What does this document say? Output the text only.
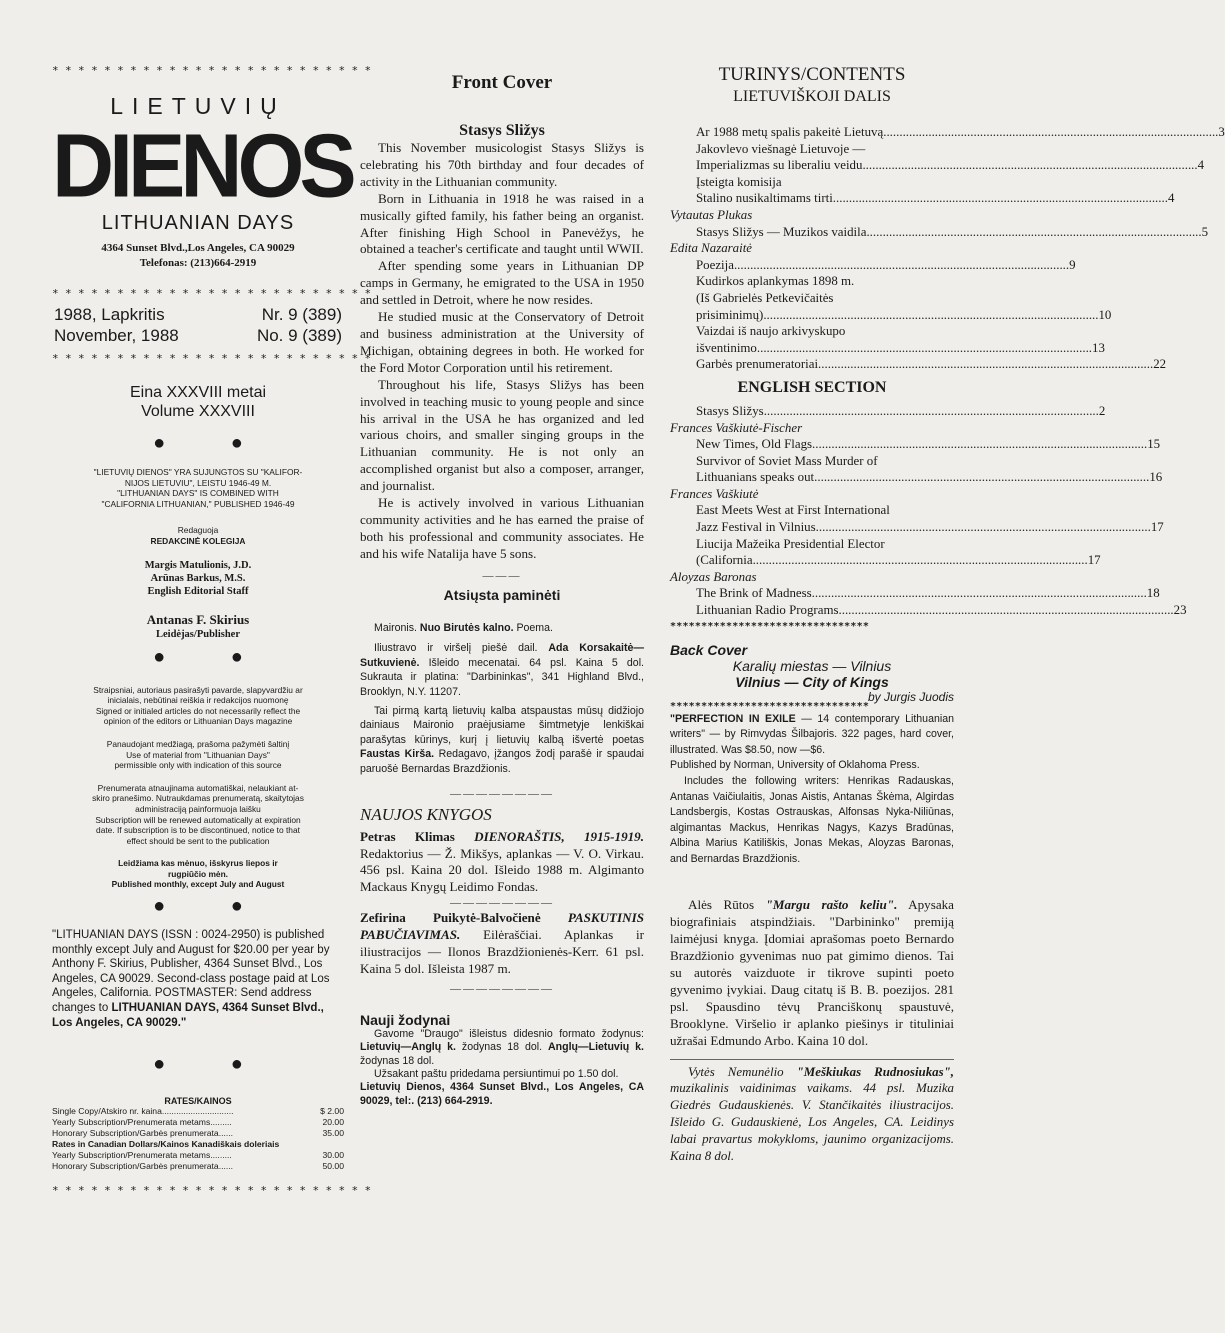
*************************
LIETUVIŲ
DIENOS
LITHUANIAN DAYS
4364 Sunset Blvd.,Los Angeles, CA 90029
Telefonas: (213)664-2919
*************************
1988, Lapkritis	Nr. 9 (389)
November, 1988	No. 9 (389)
*************************
Eina XXXVIII metai
Volume XXXVIII
● ●
"LIETUVIŲ DIENOS" YRA SUJUNGTOS SU "KALIFOR-
NIJOS LIETUVIU", LEISTU 1946-49 M.
"LITHUANIAN DAYS" IS COMBINED WITH
"CALIFORNIA LITHUANIAN," PUBLISHED 1946-49
Redaguoja
REDAKCINĖ KOLEGIJA
Margis Matulionis, J.D.
Arūnas Barkus, M.S.
English Editorial Staff
Antanas F. Skirius
Leidėjas/Publisher
● ●
Straipsniai, autoriaus pasirašyti pavarde, slapyvardžiu ar
inicialais, nebūtinai reiškia ir redakcijos nuomonę
Signed or initialed articles do not necessarily reflect the
opinion of the editors or Lithuanian Days magazine
Panaudojant medžiagą, prašoma pažymėti šaltinį
Use of material from "Lithuanian Days"
permissible only with indication of this source
Prenumerata atnaujinama automatiškai, nelaukiant at-
skiro pranešimo. Nutraukdamas prenumeratą, skaitytojas
administraciją painformuoja laišku
Subscription will be renewed automatically at expiration
date. If subscription is to be discontinued, notice to that
effect should be sent to the publication
Leidžiama kas mėnuo, išskyrus liepos ir
rugpiūčio mėn.
Published monthly, except July and August
● ●
"LITHUANIAN DAYS (ISSN : 0024-2950) is published monthly except July and August for $20.00 per year by Anthony F. Skirius, Publisher, 4364 Sunset Blvd., Los Angeles, CA 90029. Second-class postage paid at Los Angeles, California. POSTMASTER: Send address changes to LITHUANIAN DAYS, 4364 Sunset Blvd., Los Angeles, CA 90029."
● ●
RATES/KAINOS
Single Copy/Atskiro nr. kaina..............................	$ 2.00
Yearly Subscription/Prenumerata metams.........	20.00
Honorary Subscription/Garbės prenumerata......	35.00
Rates in Canadian Dollars/Kainos Kanadiškais doleriais
Yearly Subscription/Prenumerata metams.........	30.00
Honorary Subscription/Garbės prenumerata......	50.00
*************************
Front Cover
Stasys Sližys

This November musicologist Stasys Sližys is celebrating his 70th birthday and four decades of activity in the Lithuanian community.

Born in Lithuania in 1918 he was raised in a musically gifted family, his father being an organist. After finishing High School in Panevėžys, he obtained a teacher's certificate and taught until WWII.

After spending some years in Lithuanian DP camps in Germany, he emigrated to the USA in 1950 and settled in Detroit, where he now resides.

He studied music at the Conservatory of Detroit and business administration at the University of Michigan, obtaining degrees in both. He worked for the Ford Motor Corporation until his retirement.

Throughout his life, Stasys Sližys has been involved in teaching music to young people and since his arrival in the USA he has organized and led various choirs, and smaller singing groups in the Lithuanian community. He is not only an accomplished organist but also a composer, arranger, and journalist.

He is actively involved in various Lithuanian community activities and he has earned the praise of both his professional and community associates. He and his wife Natalija have 5 sons.

———
Atsiųsta paminėti

Maironis. Nuo Birutės kalno. Poema.

Iliustravo ir viršelį piešė dail. Ada Korsakaitė—Sutkuvienė. Išleido mecenatai. 64 psl. Kaina 5 dol. Sukrauta ir platina: "Darbininkas", 341 Highland Blvd., Brooklyn, N.Y. 11207.

Tai pirmą kartą lietuvių kalba atspaustas mūsų didžiojo dainiaus Maironio praėjusiame šimtmetyje lenkiškai parašytas kūrinys, kurį į lietuvių kalbą išvertė poetas Faustas Kirša. Redagavo, įžangos žodį parašė ir spaudai paruošė Bernardas Brazdžionis.

————————
NAUJOS KNYGOS

Petras Klimas DIENORAŠTIS, 1915-1919. Redaktorius — Ž. Mikšys, aplankas — V. O. Virkau. 456 psl. Kaina 20 dol. Išleido 1988 m. Algimanto Mackaus Knygų Leidimo Fondas.

————————

Zefirina Puikytė-Balvočienė PASKUTINIS PABUČIAVIMAS. Eilėraščiai. Aplankas ir iliustracijos — Ilonos Brazdžionienės-Kerr. 61 psl. Kaina 5 dol. Išleista 1987 m.

————————
Nauji žodynai

Gavome "Draugo" išleistus didesnio formato žodynus: Lietuvių—Anglų k. žodynas 18 dol. Anglų—Lietuvių k. žodynas 18 dol.

Užsakant paštu pridedama persiuntimui po 1.50 dol.

Lietuvių Dienos, 4364 Sunset Blvd., Los Angeles, CA 90029, tel:. (213) 664-2919.

TURINYS/CONTENTS
LIETUVIŠKOJI DALIS
Ar 1988 metų spalis pakeitė Lietuvą .....	3
Jakovlevo viešnagė Lietuvoje —
Imperializmas su liberaliu veidu .....	4
Įsteigta komisija
Stalino nusikaltimams tirti .....	4
Vytautas Plukas
Stasys Sližys — Muzikos vaidila .....	5
Edita Nazaraitė
Poezija .....	9
Kudirkos aplankymas 1898 m.
(Iš Gabrielės Petkevičaitės
prisiminimų) .....	10
Vaizdai iš naujo arkivyskupo
išventinimo .....	13
Garbės prenumeratoriai .....	22
ENGLISH SECTION
Stasys Sližys .....	2
Frances Vaškiutė-Fischer
New Times, Old Flags .....	15
Survivor of Soviet Mass Murder of
Lithuanians speaks out .....	16
Frances Vaškiutė
East Meets West at First International
Jazz Festival in Vilnius .....	17
Liucija Mažeika Presidential Elector
(California .....	17
Aloyzas Baronas
The Brink of Madness .....	18
Lithuanian Radio Programs .....	23
********************************
Back Cover
Karalių miestas — Vilnius
Vilnius — City of Kings
by Jurgis Juodis
********************************

"PERFECTION IN EXILE — 14 contemporary Lithuanian writers" — by Rimvydas Šilbajoris. 322 pages, hard cover, illustrated. Was $8.50, now —$6.

Published by Norman, University of Oklahoma Press.

Includes the following writers: Henrikas Radauskas, Antanas Vaičiulaitis, Jonas Aistis, Antanas Škėma, Algirdas Landsbergis, Kostas Ostrauskas, Alfonsas Nyka-Niliūnas, algimantas Mackus, Henrikas Nagys, Kazys Bradūnas, Albina Marius Katiliškis, Jonas Mekas, Aloyzas Baronas, and Bernardas Brazdžionis.

Alės Rūtos "Margu rašto keliu". Apysaka biografiniais atspindžiais. "Darbininko" premiją laimėjusi knyga. Įdomiai aprašomas poeto Bernardo Brazdžionio gyvenimas nuo pat gimimo dienos. Tai su autorės vaizduote ir tikrove supinti poeto gyvenimo įvykiai. Daug citatų iš B. B. poezijos. 281 psl. Spausdino tėvų Pranciškonų spaustuvė, Brooklyne. Viršelio ir aplanko piešinys ir tituliniai užrašai Edmundo Arbo. Kaina 10 dol.

Vytės Nemunėlio "Meškiukas Rudnosiukas", muzikalinis vaidinimas vaikams. 44 psl. Muzika Giedrės Gudauskienės. V. Stančikaitės iliustracijos. Išleido G. Gudauskienė, Los Angeles, CA. Leidinys labai pravartus mokykloms, jaunimo organizacijoms. Kaina 8 dol.
